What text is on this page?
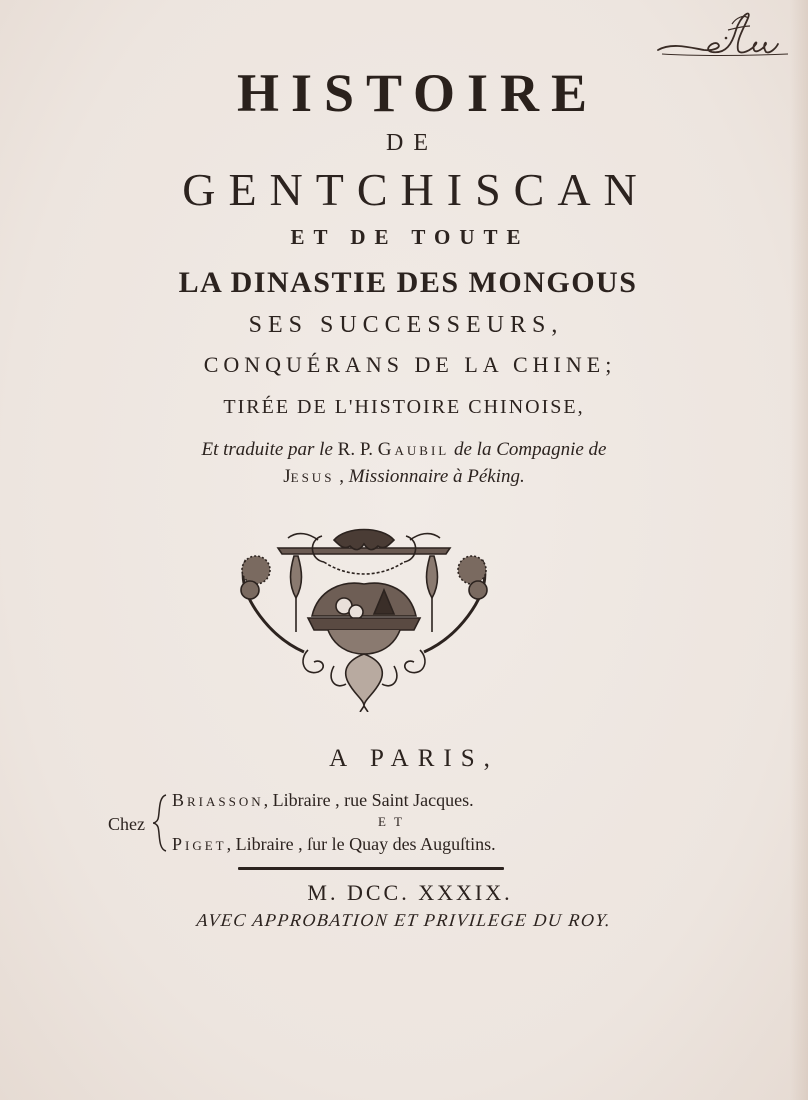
HISTOIRE
DE
GENTCHISCAN
ET DE TOUTE
LA DINASTIE DES MONGOUS
SES SUCCESSEURS,
CONQUÉRANS DE LA CHINE;
TIRÉE DE L'HISTOIRE CHINOISE,
Et traduite par le R. P. Gaubil de la Compagnie de
Jesus , Missionnaire à Péking.
A PARIS,
Chez
Briasson, Libraire , rue Saint Jacques.
ET
Piget, Libraire , ſur le Quay des Auguſtins.
M. DCC. XXXIX.
AVEC APPROBATION ET PRIVILEGE DU ROY.
